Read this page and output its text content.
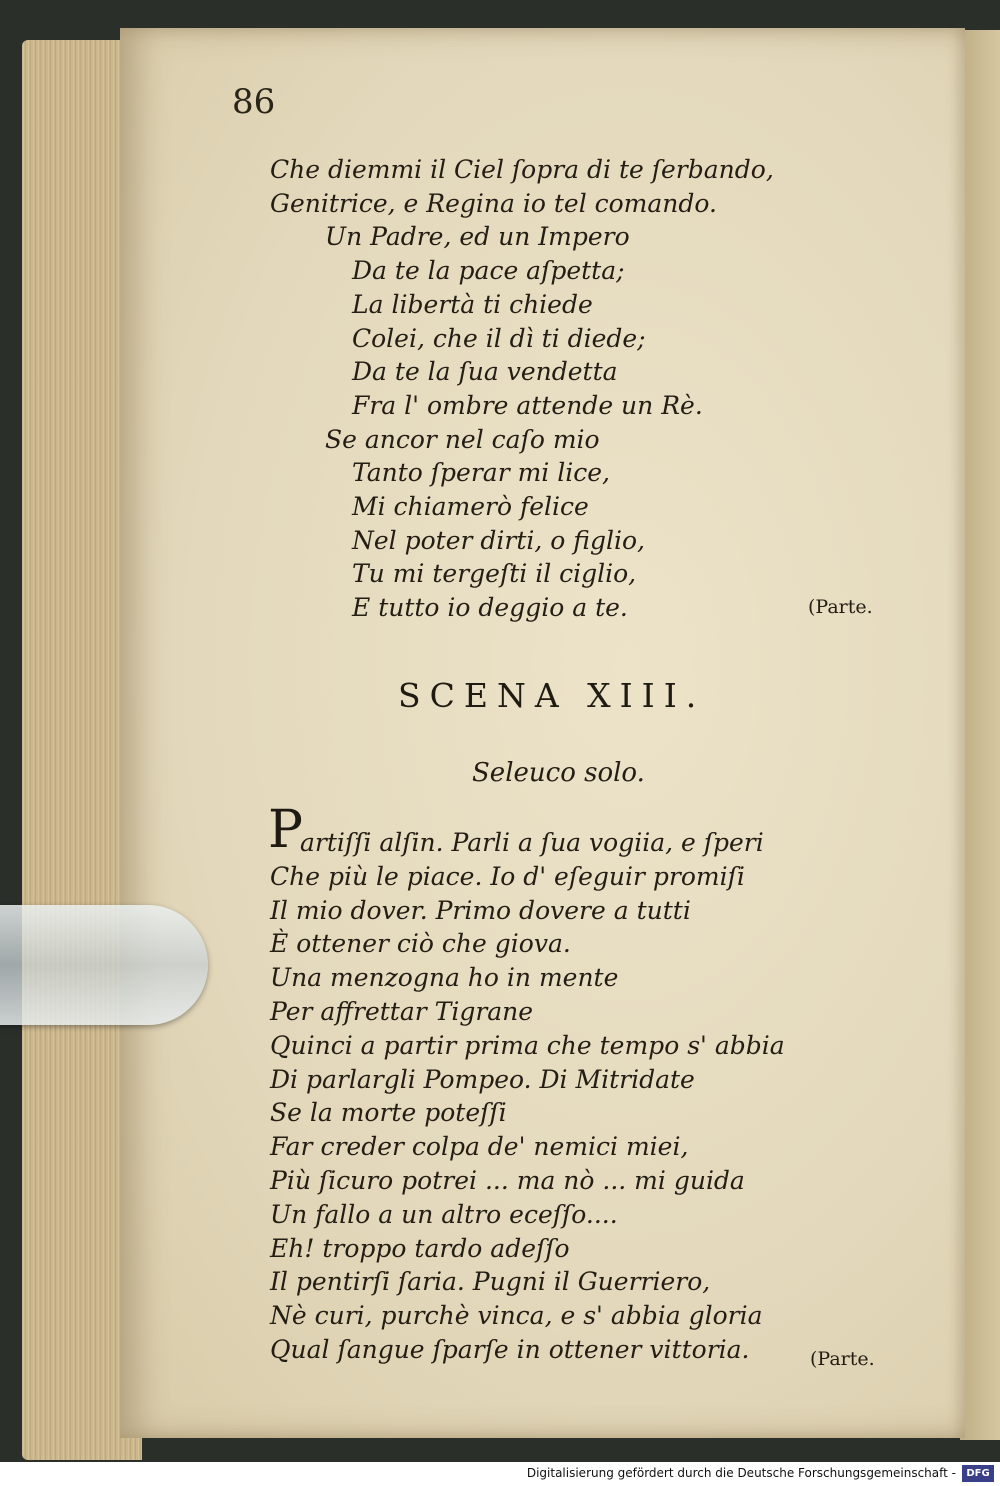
86
Che diemmi il Ciel ſopra di te ſerbando,
Genitrice, e Regina io tel comando.
Un Padre, ed un Impero
Da te la pace aſpetta;
La libertà ti chiede
Colei, che il dì ti diede;
Da te la ſua vendetta
Fra l' ombre attende un Rè.
Se ancor nel caſo mio
Tanto ſperar mi lice,
Mi chiamerò felice
Nel poter dirti, o figlio,
Tu mi tergeſti il ciglio,
E tutto io deggio a te.	(Parte.
SCENA XIII.
Seleuco solo.
P
artiſſi alſin. Parli a ſua vogiia, e ſperi
Che più le piace. Io d' eſeguir promiſi
Il mio dover. Primo dovere a tutti
È ottener ciò che giova.
Una menzogna ho in mente
Per affrettar Tigrane
Quinci a partir prima che tempo s' abbia
Di parlargli Pompeo. Di Mitridate
Se la morte poteſſi
Far creder colpa de' nemici miei,
Più ſicuro potrei ... ma nò ... mi guida
Un fallo a un altro eceſſo....
Eh! troppo tardo adeſſo
Il pentirſi ſaria. Pugni il Guerriero,
Nè curi, purchè vinca, e s' abbia gloria
Qual ſangue ſparſe in ottener vittoria.	(Parte.
Digitalisierung gefördert durch die Deutsche Forschungsgemeinschaft -	DFG
